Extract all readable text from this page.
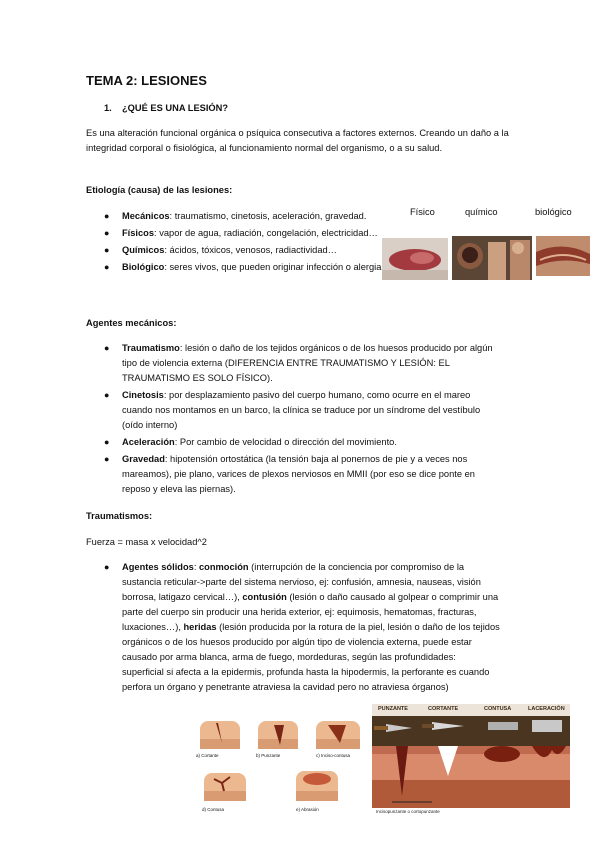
TEMA 2: LESIONES
1. ¿QUÉ ES UNA LESIÓN?

Es una alteración funcional orgánica o psíquica consecutiva a factores externos. Creando un daño a la integridad corporal o fisiológica, al funcionamiento normal del organismo, o a su salud.

Etiología (causa) de las lesiones:
● Mecánicos: traumatismo, cinetosis, aceleración, gravedad.
● Físicos: vapor de agua, radiación, congelación, electricidad…
● Químicos: ácidos, tóxicos, venosos, radiactividad…
● Biológico: seres vivos, que pueden originar infección o alergia
Físico	químico	biológico
Agentes mecánicos:
● Traumatismo: lesión o daño de los tejidos orgánicos o de los huesos producido por algún tipo de violencia externa (DIFERENCIA ENTRE TRAUMATISMO Y LESIÓN: EL TRAUMATISMO ES SOLO FÍSICO).
● Cinetosis: por desplazamiento pasivo del cuerpo humano, como ocurre en el mareo cuando nos montamos en un barco, la clínica se traduce por un síndrome del vestíbulo (oído interno)
● Aceleración: Por cambio de velocidad o dirección del movimiento.
● Gravedad: hipotensión ortostática (la tensión baja al ponernos de pie y a veces nos mareamos), pie plano, varices de plexos nerviosos en MMII (por eso se dice ponte en reposo y eleva las piernas).
Traumatismos:
Fuerza = masa x velocidad^2
● Agentes sólidos: conmoción (interrupción de la conciencia por compromiso de la sustancia reticular->parte del sistema nervioso, ej: confusión, amnesia, nauseas, visión borrosa, latigazo cervical…), contusión (lesión o daño causado al golpear o comprimir una parte del cuerpo sin producir una herida exterior, ej: equimosis, hematomas, fracturas, luxaciones…), heridas (lesión producida por la rotura de la piel, lesión o daño de los tejidos orgánicos o de los huesos producido por algún tipo de violencia externa, puede estar causado por arma blanca, arma de fuego, mordeduras, según las profundidades: superficial si afecta a la epidermis, profunda hasta la hipodermis, la perforante es cuando perfora un órgano y penetrante atraviesa la cavidad pero no atraviesa órganos)
a) Cortante	b) Punzante	c) Inciso-contusa
d) Contusa	e) Abrasión
PUNZANTE	CORTANTE	CONTUSA	LACERACIÓN
Incisopunzante o cortopunzante
